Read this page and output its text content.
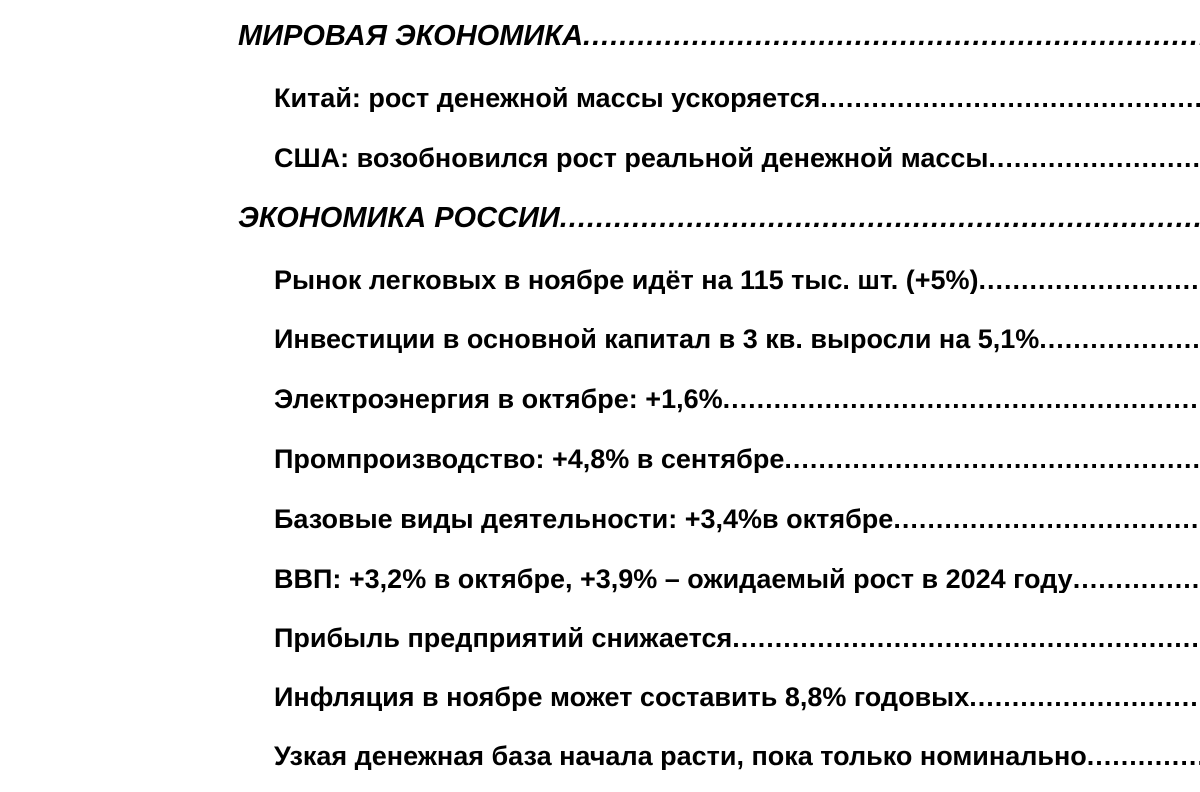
МИРОВАЯ ЭКОНОМИКА
.....
Китай: рост денежной массы ускоряется
.....
США: возобновился рост реальной денежной массы
.....
ЭКОНОМИКА РОССИИ
.....
Рынок легковых в ноябре идёт на 115 тыс. шт. (+5%)
.....
Инвестиции в основной капитал в 3 кв. выросли на 5,1%
.....
Электроэнергия в октябре: +1,6%
.....
Промпроизводство: +4,8% в сентябре
.....
Базовые виды деятельности: +3,4%в октябре
.....
ВВП: +3,2% в октябре, +3,9% – ожидаемый рост в 2024 году
.....
Прибыль предприятий снижается
.....
Инфляция в ноябре может составить 8,8% годовых
.....
Узкая денежная база начала расти, пока только номинально
.....
